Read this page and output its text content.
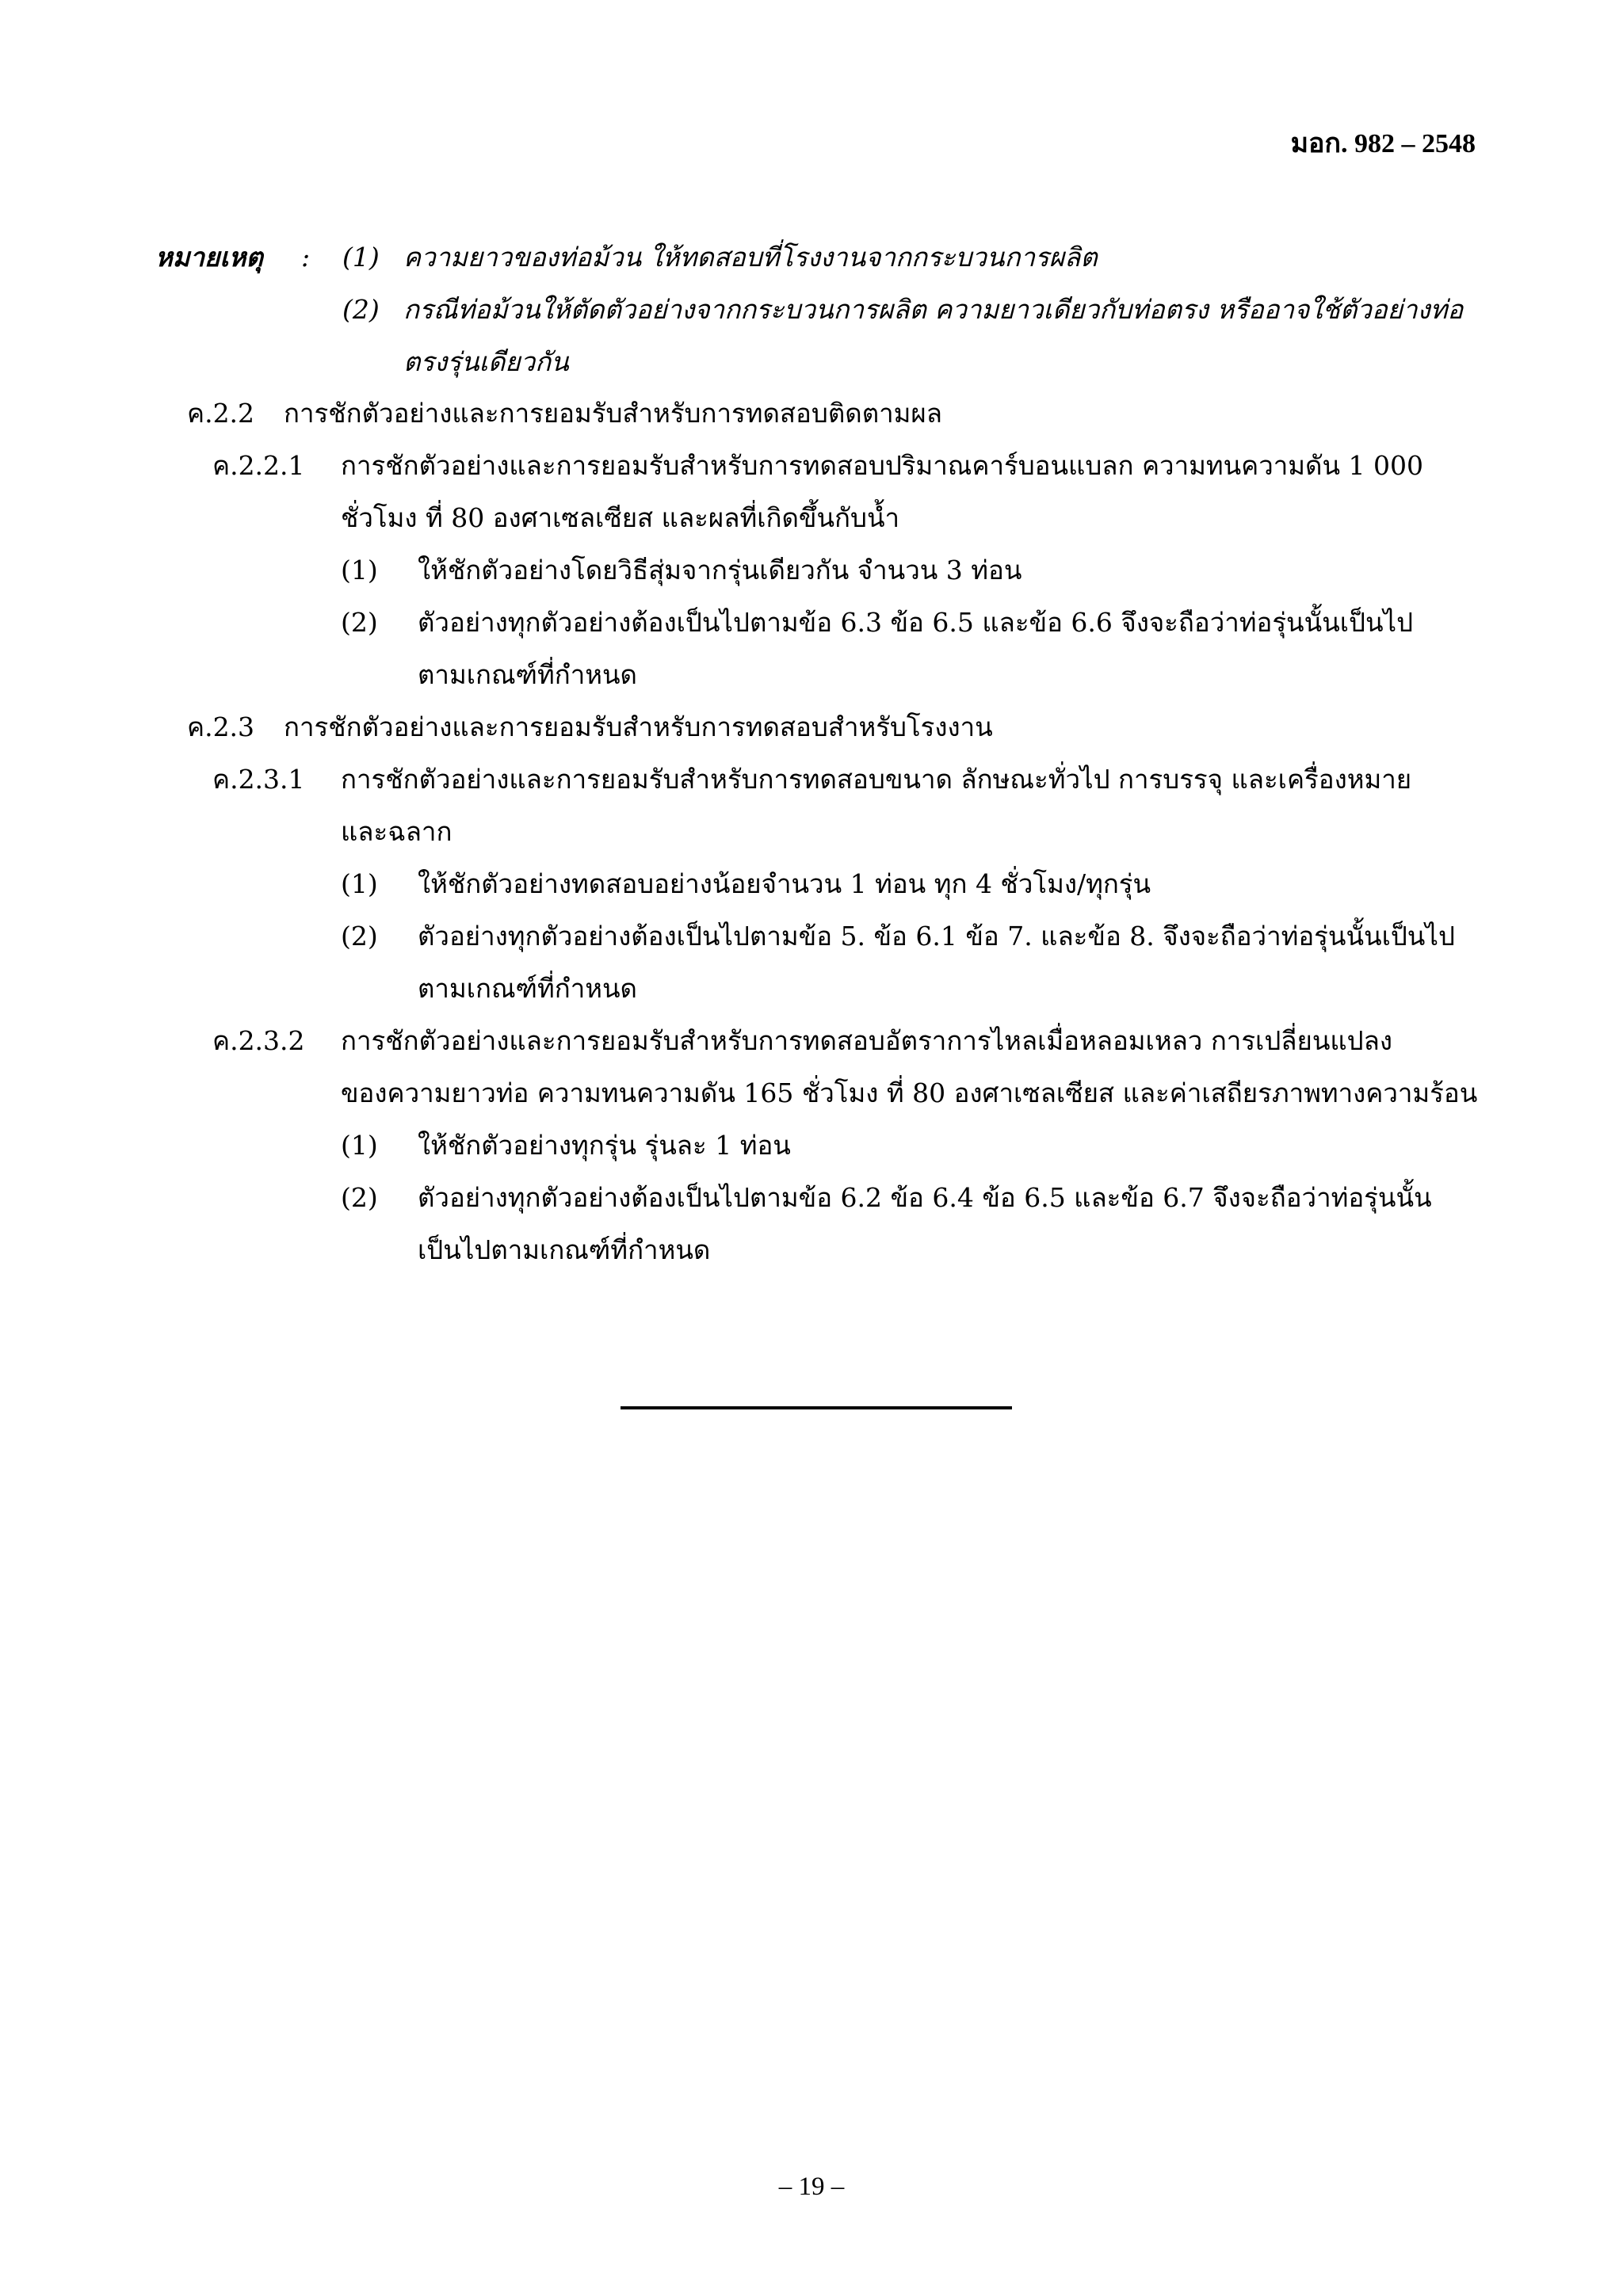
มอก. 982 – 2548
หมายเหตุ : (1) ความยาวของท่อม้วน ให้ทดสอบที่โรงงานจากกระบวนการผลิต
(2) กรณีท่อม้วนให้ตัดตัวอย่างจากกระบวนการผลิต ความยาวเดียวกับท่อตรง หรืออาจใช้ตัวอย่างท่อ
ตรงรุ่นเดียวกัน
ค.2.2 การชักตัวอย่างและการยอมรับสำหรับการทดสอบติดตามผล
ค.2.2.1 การชักตัวอย่างและการยอมรับสำหรับการทดสอบปริมาณคาร์บอนแบลก ความทนความดัน 1 000
ชั่วโมง ที่ 80 องศาเซลเซียส และผลที่เกิดขึ้นกับน้ำ
(1) ให้ชักตัวอย่างโดยวิธีสุ่มจากรุ่นเดียวกัน จำนวน 3 ท่อน
(2) ตัวอย่างทุกตัวอย่างต้องเป็นไปตามข้อ 6.3 ข้อ 6.5 และข้อ 6.6 จึงจะถือว่าท่อรุ่นนั้นเป็นไป
ตามเกณฑ์ที่กำหนด
ค.2.3 การชักตัวอย่างและการยอมรับสำหรับการทดสอบสำหรับโรงงาน
ค.2.3.1 การชักตัวอย่างและการยอมรับสำหรับการทดสอบขนาด ลักษณะทั่วไป การบรรจุ และเครื่องหมาย
และฉลาก
(1) ให้ชักตัวอย่างทดสอบอย่างน้อยจำนวน 1 ท่อน ทุก 4 ชั่วโมง/ทุกรุ่น
(2) ตัวอย่างทุกตัวอย่างต้องเป็นไปตามข้อ 5. ข้อ 6.1 ข้อ 7. และข้อ 8. จึงจะถือว่าท่อรุ่นนั้นเป็นไป
ตามเกณฑ์ที่กำหนด
ค.2.3.2 การชักตัวอย่างและการยอมรับสำหรับการทดสอบอัตราการไหลเมื่อหลอมเหลว การเปลี่ยนแปลง
ของความยาวท่อ ความทนความดัน 165 ชั่วโมง ที่ 80 องศาเซลเซียส และค่าเสถียรภาพทางความร้อน
(1) ให้ชักตัวอย่างทุกรุ่น รุ่นละ 1 ท่อน
(2) ตัวอย่างทุกตัวอย่างต้องเป็นไปตามข้อ 6.2 ข้อ 6.4 ข้อ 6.5 และข้อ 6.7 จึงจะถือว่าท่อรุ่นนั้น
เป็นไปตามเกณฑ์ที่กำหนด
– 19 –
